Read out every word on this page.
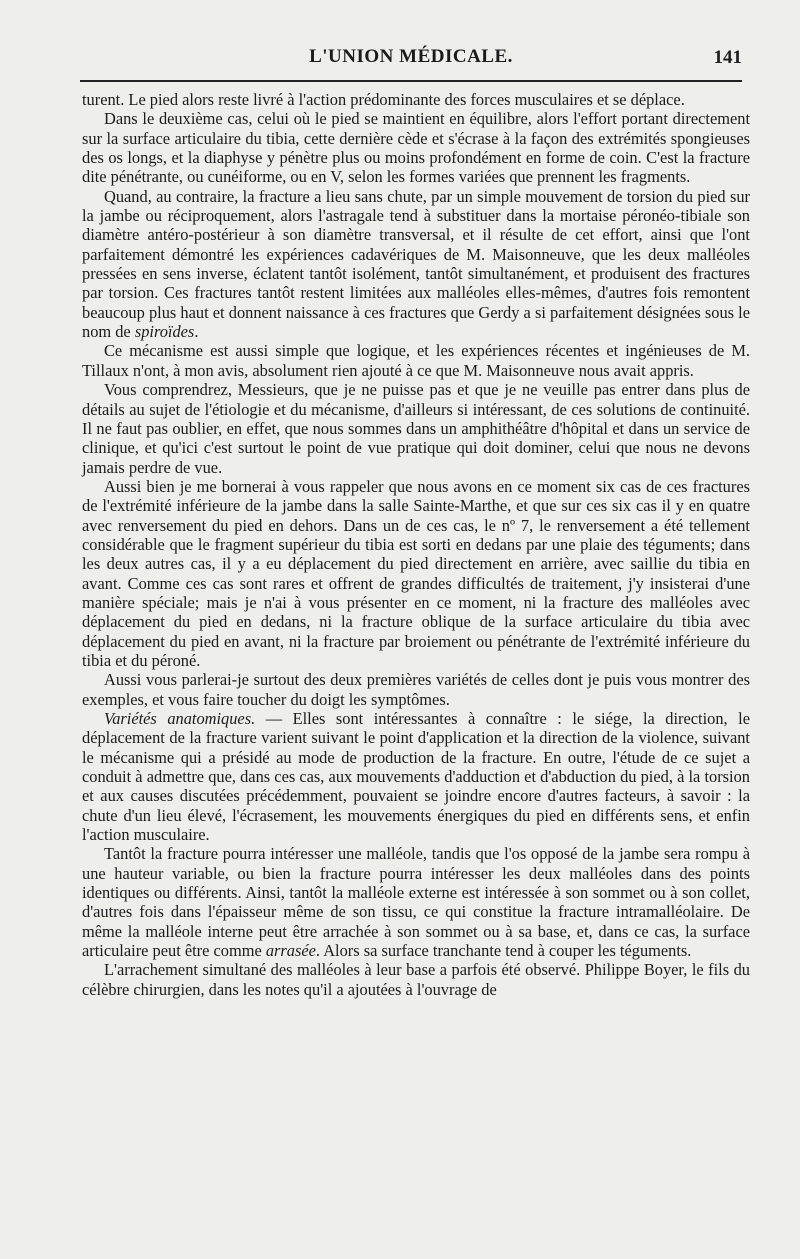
L'UNION MÉDICALE.	141

turent. Le pied alors reste livré à l'action prédominante des forces musculaires et se déplace.

Dans le deuxième cas, celui où le pied se maintient en équilibre, alors l'effort portant directement sur la surface articulaire du tibia, cette dernière cède et s'écrase à la façon des extrémités spongieuses des os longs, et la diaphyse y pénètre plus ou moins profondément en forme de coin. C'est la fracture dite pénétrante, ou cunéiforme, ou en V, selon les formes variées que prennent les fragments.

Quand, au contraire, la fracture a lieu sans chute, par un simple mouvement de torsion du pied sur la jambe ou réciproquement, alors l'astragale tend à substituer dans la mortaise péronéo-tibiale son diamètre antéro-postérieur à son diamètre transversal, et il résulte de cet effort, ainsi que l'ont parfaitement démontré les expériences cadavériques de M. Maisonneuve, que les deux malléoles pressées en sens inverse, éclatent tantôt isolément, tantôt simultanément, et produisent des fractures par torsion. Ces fractures tantôt restent limitées aux malléoles elles-mêmes, d'autres fois remontent beaucoup plus haut et donnent naissance à ces fractures que Gerdy a si parfaitement désignées sous le nom de spiroïdes.

Ce mécanisme est aussi simple que logique, et les expériences récentes et ingénieuses de M. Tillaux n'ont, à mon avis, absolument rien ajouté à ce que M. Maisonneuve nous avait appris.

Vous comprendrez, Messieurs, que je ne puisse pas et que je ne veuille pas entrer dans plus de détails au sujet de l'étiologie et du mécanisme, d'ailleurs si intéressant, de ces solutions de continuité. Il ne faut pas oublier, en effet, que nous sommes dans un amphithéâtre d'hôpital et dans un service de clinique, et qu'ici c'est surtout le point de vue pratique qui doit dominer, celui que nous ne devons jamais perdre de vue.

Aussi bien je me bornerai à vous rappeler que nous avons en ce moment six cas de ces fractures de l'extrémité inférieure de la jambe dans la salle Sainte-Marthe, et que sur ces six cas il y en quatre avec renversement du pied en dehors. Dans un de ces cas, le nº 7, le renversement a été tellement considérable que le fragment supérieur du tibia est sorti en dedans par une plaie des téguments; dans les deux autres cas, il y a eu déplacement du pied directement en arrière, avec saillie du tibia en avant. Comme ces cas sont rares et offrent de grandes difficultés de traitement, j'y insisterai d'une manière spéciale; mais je n'ai à vous présenter en ce moment, ni la fracture des malléoles avec déplacement du pied en dedans, ni la fracture oblique de la surface articulaire du tibia avec déplacement du pied en avant, ni la fracture par broiement ou pénétrante de l'extrémité inférieure du tibia et du péroné.

Aussi vous parlerai-je surtout des deux premières variétés de celles dont je puis vous montrer des exemples, et vous faire toucher du doigt les symptômes.

Variétés anatomiques. — Elles sont intéressantes à connaître : le siége, la direction, le déplacement de la fracture varient suivant le point d'application et la direction de la violence, suivant le mécanisme qui a présidé au mode de production de la fracture. En outre, l'étude de ce sujet a conduit à admettre que, dans ces cas, aux mouvements d'adduction et d'abduction du pied, à la torsion et aux causes discutées précédemment, pouvaient se joindre encore d'autres facteurs, à savoir : la chute d'un lieu élevé, l'écrasement, les mouvements énergiques du pied en différents sens, et enfin l'action musculaire.

Tantôt la fracture pourra intéresser une malléole, tandis que l'os opposé de la jambe sera rompu à une hauteur variable, ou bien la fracture pourra intéresser les deux malléoles dans des points identiques ou différents. Ainsi, tantôt la malléole externe est intéressée à son sommet ou à son collet, d'autres fois dans l'épaisseur même de son tissu, ce qui constitue la fracture intramalléolaire. De même la malléole interne peut être arrachée à son sommet ou à sa base, et, dans ce cas, la surface articulaire peut être comme arrasée. Alors sa surface tranchante tend à couper les téguments.

L'arrachement simultané des malléoles à leur base a parfois été observé. Philippe Boyer, le fils du célèbre chirurgien, dans les notes qu'il a ajoutées à l'ouvrage de
